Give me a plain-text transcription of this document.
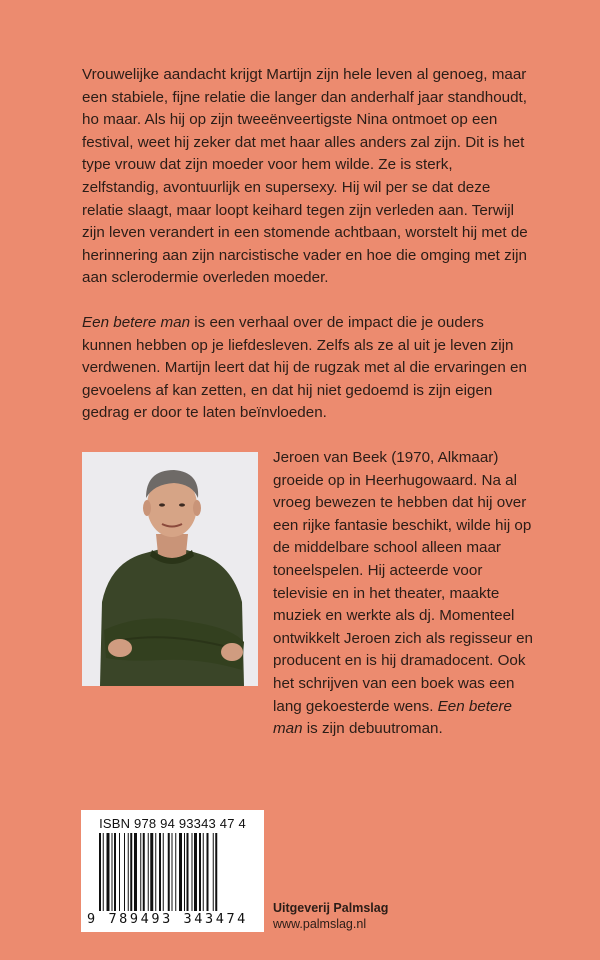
Vrouwelijke aandacht krijgt Martijn zijn hele leven al genoeg, maar een stabiele, fijne relatie die langer dan anderhalf jaar standhoudt, ho maar. Als hij op zijn tweeënveertigste Nina ontmoet op een festival, weet hij zeker dat met haar alles anders zal zijn. Dit is het type vrouw dat zijn moeder voor hem wilde. Ze is sterk, zelfstandig, avontuurlijk en supersexy. Hij wil per se dat deze relatie slaagt, maar loopt keihard tegen zijn verleden aan. Terwijl zijn leven verandert in een stomende achtbaan, worstelt hij met de herinnering aan zijn narcistische vader en hoe die omging met zijn aan sclerodermie overleden moeder.

Een betere man is een verhaal over de impact die je ouders kunnen hebben op je liefdesleven. Zelfs als ze al uit je leven zijn verdwenen. Martijn leert dat hij de rugzak met al die ervaringen en gevoelens af kan zetten, en dat hij niet gedoemd is zijn eigen gedrag er door te laten beïnvloeden.

Jeroen van Beek (1970, Alkmaar) groeide op in Heerhugowaard. Na al vroeg bewezen te hebben dat hij over een rijke fantasie beschikt, wilde hij op de middelbare school alleen maar toneelspelen. Hij acteerde voor televisie en in het theater, maakte muziek en werkte als dj. Momenteel ontwikkelt Jeroen zich als regisseur en producent en is hij dramadocent. Ook het schrijven van een boek was een lang gekoesterde wens. Een betere man is zijn debuutroman.

ISBN 978 94 93343 47 4
9 789493 343474
Uitgeverij Palmslag
www.palmslag.nl
